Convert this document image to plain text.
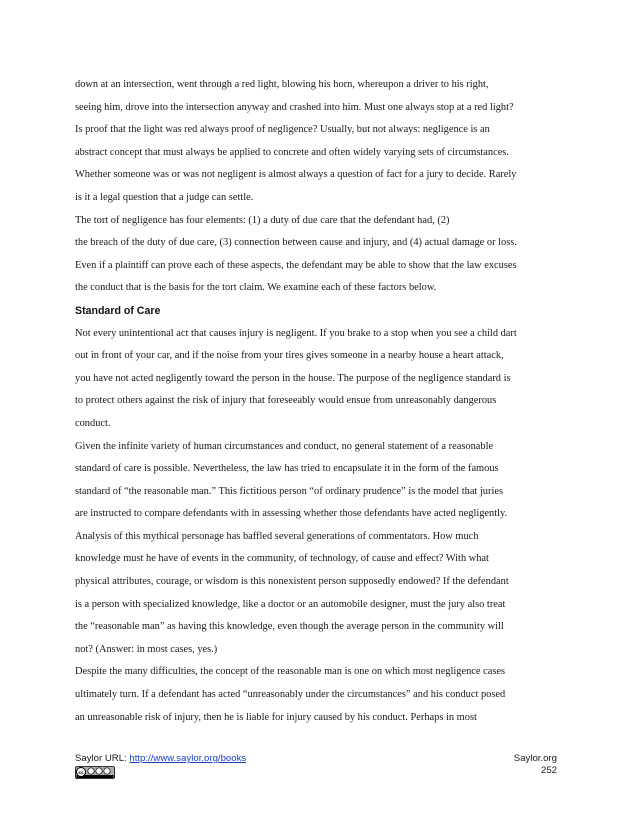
down at an intersection, went through a red light, blowing his horn, whereupon a driver to his right,
seeing him, drove into the intersection anyway and crashed into him. Must one always stop at a red light?
Is proof that the light was red always proof of negligence? Usually, but not always: negligence is an
abstract concept that must always be applied to concrete and often widely varying sets of circumstances.
Whether someone was or was not negligent is almost always a question of fact for a jury to decide. Rarely
is it a legal question that a judge can settle.
The tort of negligence has four elements: (1) a duty of due care that the defendant had, (2)
the breach of the duty of due care, (3) connection between cause and injury, and (4) actual damage or loss.
Even if a plaintiff can prove each of these aspects, the defendant may be able to show that the law excuses
the conduct that is the basis for the tort claim. We examine each of these factors below.
Standard of Care
Not every unintentional act that causes injury is negligent. If you brake to a stop when you see a child dart
out in front of your car, and if the noise from your tires gives someone in a nearby house a heart attack,
you have not acted negligently toward the person in the house. The purpose of the negligence standard is
to protect others against the risk of injury that foreseeably would ensue from unreasonably dangerous
conduct.
Given the infinite variety of human circumstances and conduct, no general statement of a reasonable
standard of care is possible. Nevertheless, the law has tried to encapsulate it in the form of the famous
standard of “the reasonable man.” This fictitious person “of ordinary prudence” is the model that juries
are instructed to compare defendants with in assessing whether those defendants have acted negligently.
Analysis of this mythical personage has baffled several generations of commentators. How much
knowledge must he have of events in the community, of technology, of cause and effect? With what
physical attributes, courage, or wisdom is this nonexistent person supposedly endowed? If the defendant
is a person with specialized knowledge, like a doctor or an automobile designer, must the jury also treat
the “reasonable man” as having this knowledge, even though the average person in the community will
not? (Answer: in most cases, yes.)
Despite the many difficulties, the concept of the reasonable man is one on which most negligence cases
ultimately turn. If a defendant has acted “unreasonably under the circumstances” and his conduct posed
an unreasonable risk of injury, then he is liable for injury caused by his conduct. Perhaps in most
Saylor URL: http://www.saylor.org/books
cc
Saylor.org
252
